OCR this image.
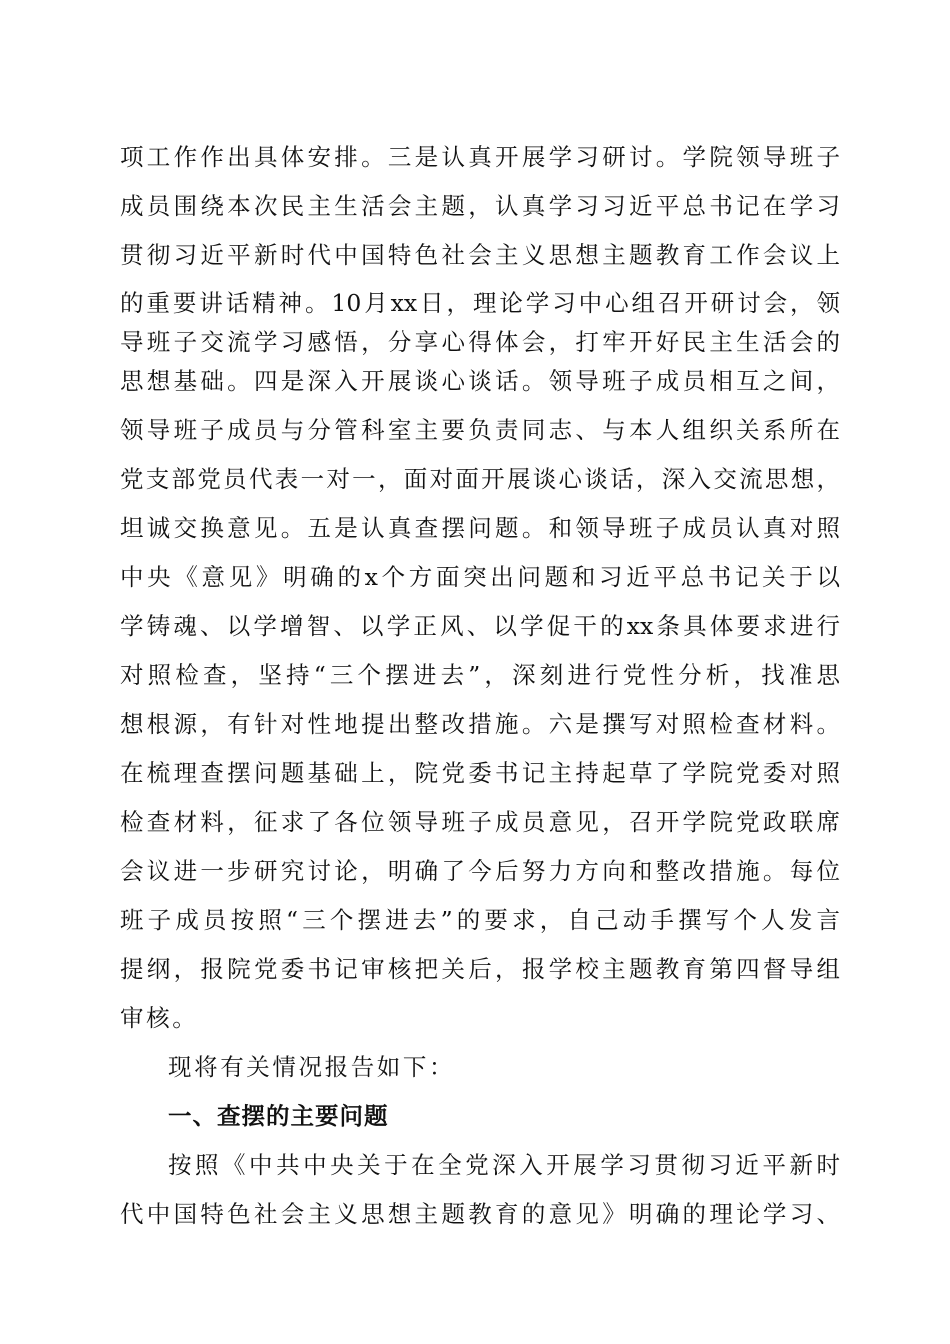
项工作作出具体安排。三是认真开展学习研讨。学院领导班子
成员围绕本次民主生活会主题，认真学习习近平总书记在学习
贯彻习近平新时代中国特色社会主义思想主题教育工作会议上
的重要讲话精神。10月xx日，理论学习中心组召开研讨会，领
导班子交流学习感悟，分享心得体会，打牢开好民主生活会的
思想基础。四是深入开展谈心谈话。领导班子成员相互之间，
领导班子成员与分管科室主要负责同志、与本人组织关系所在
党支部党员代表一对一，面对面开展谈心谈话，深入交流思想，
坦诚交换意见。五是认真查摆问题。和领导班子成员认真对照
中央《意见》明确的x个方面突出问题和习近平总书记关于以
学铸魂、以学增智、以学正风、以学促干的xx条具体要求进行
对照检查，坚持“三个摆进去”，深刻进行党性分析，找准思
想根源，有针对性地提出整改措施。六是撰写对照检查材料。
在梳理查摆问题基础上，院党委书记主持起草了学院党委对照
检查材料，征求了各位领导班子成员意见，召开学院党政联席
会议进一步研究讨论，明确了今后努力方向和整改措施。每位
班子成员按照“三个摆进去”的要求，自己动手撰写个人发言
提纲，报院党委书记审核把关后，报学校主题教育第四督导组
审核。
现将有关情况报告如下：
一、查摆的主要问题
按照《中共中央关于在全党深入开展学习贯彻习近平新时
代中国特色社会主义思想主题教育的意见》明确的理论学习、
